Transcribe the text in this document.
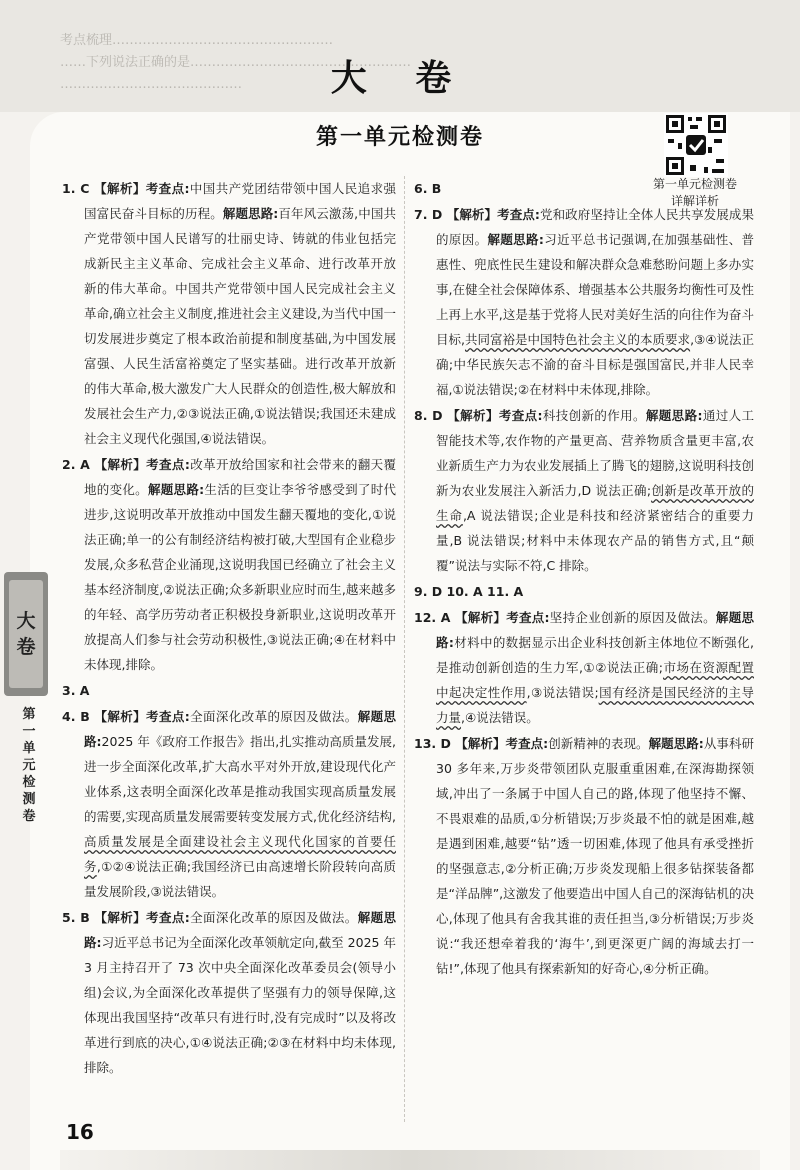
考点梳理……………………………………………
……下列说法正确的是……………………………………………
……………………………………	大 卷
第一单元检测卷
第一单元检测卷
详解详析
1. C 【解析】考查点:中国共产党团结带领中国人民追求强国富民奋斗目标的历程。解题思路:百年风云激荡,中国共产党带领中国人民谱写的壮丽史诗、铸就的伟业包括完成新民主主义革命、完成社会主义革命、进行改革开放新的伟大革命。中国共产党带领中国人民完成社会主义革命,确立社会主义制度,推进社会主义建设,为当代中国一切发展进步奠定了根本政治前提和制度基础,为中国发展富强、人民生活富裕奠定了坚实基础。进行改革开放新的伟大革命,极大激发广大人民群众的创造性,极大解放和发展社会生产力,②③说法正确,①说法错误;我国还未建成社会主义现代化强国,④说法错误。
2. A 【解析】考查点:改革开放给国家和社会带来的翻天覆地的变化。解题思路:生活的巨变让李爷爷感受到了时代进步,这说明改革开放推动中国发生翻天覆地的变化,①说法正确;单一的公有制经济结构被打破,大型国有企业稳步发展,众多私营企业涌现,这说明我国已经确立了社会主义基本经济制度,②说法正确;众多新职业应时而生,越来越多的年轻、高学历劳动者正积极投身新职业,这说明改革开放提高人们参与社会劳动积极性,③说法正确;④在材料中未体现,排除。
3. A
4. B 【解析】考查点:全面深化改革的原因及做法。解题思路:2025 年《政府工作报告》指出,扎实推动高质量发展,进一步全面深化改革,扩大高水平对外开放,建设现代化产业体系,这表明全面深化改革是推动我国实现高质量发展的需要,实现高质量发展需要转变发展方式,优化经济结构,高质量发展是全面建设社会主义现代化国家的首要任务,①②④说法正确;我国经济已由高速增长阶段转向高质量发展阶段,③说法错误。
5. B 【解析】考查点:全面深化改革的原因及做法。解题思路:习近平总书记为全面深化改革领航定向,截至 2025 年 3 月主持召开了 73 次中央全面深化改革委员会(领导小组)会议,为全面深化改革提供了坚强有力的领导保障,这体现出我国坚持“改革只有进行时,没有完成时”以及将改革进行到底的决心,①④说法正确;②③在材料中均未体现,排除。
6. B
7. D 【解析】考查点:党和政府坚持让全体人民共享发展成果的原因。解题思路:习近平总书记强调,在加强基础性、普惠性、兜底性民生建设和解决群众急难愁盼问题上多办实事,在健全社会保障体系、增强基本公共服务均衡性可及性上再上水平,这是基于党将人民对美好生活的向往作为奋斗目标,共同富裕是中国特色社会主义的本质要求,③④说法正确;中华民族矢志不渝的奋斗目标是强国富民,并非人民幸福,①说法错误;②在材料中未体现,排除。
8. D 【解析】考查点:科技创新的作用。解题思路:通过人工智能技术等,农作物的产量更高、营养物质含量更丰富,农业新质生产力为农业发展插上了腾飞的翅膀,这说明科技创新为农业发展注入新活力,D 说法正确;创新是改革开放的生命,A 说法错误;企业是科技和经济紧密结合的重要力量,B 说法错误;材料中未体现农产品的销售方式,且“颠覆”说法与实际不符,C 排除。
9. D 10. A 11. A
12. A 【解析】考查点:坚持企业创新的原因及做法。解题思路:材料中的数据显示出企业科技创新主体地位不断强化,是推动创新创造的生力军,①②说法正确;市场在资源配置中起决定性作用,③说法错误;国有经济是国民经济的主导力量,④说法错误。
13. D 【解析】考查点:创新精神的表现。解题思路:从事科研 30 多年来,万步炎带领团队克服重重困难,在深海勘探领域,冲出了一条属于中国人自己的路,体现了他坚持不懈、不畏艰难的品质,①分析错误;万步炎最不怕的就是困难,越是遇到困难,越要“钻”透一切困难,体现了他具有承受挫折的坚强意志,②分析正确;万步炎发现船上很多钻探装备都是“洋品牌”,这激发了他要造出中国人自己的深海钻机的决心,体现了他具有舍我其谁的责任担当,③分析错误;万步炎说:“我还想牵着我的‘海牛’,到更深更广阔的海域去打一钻!”,体现了他具有探索新知的好奇心,④分析正确。
大
卷
第一单元检测卷
16
